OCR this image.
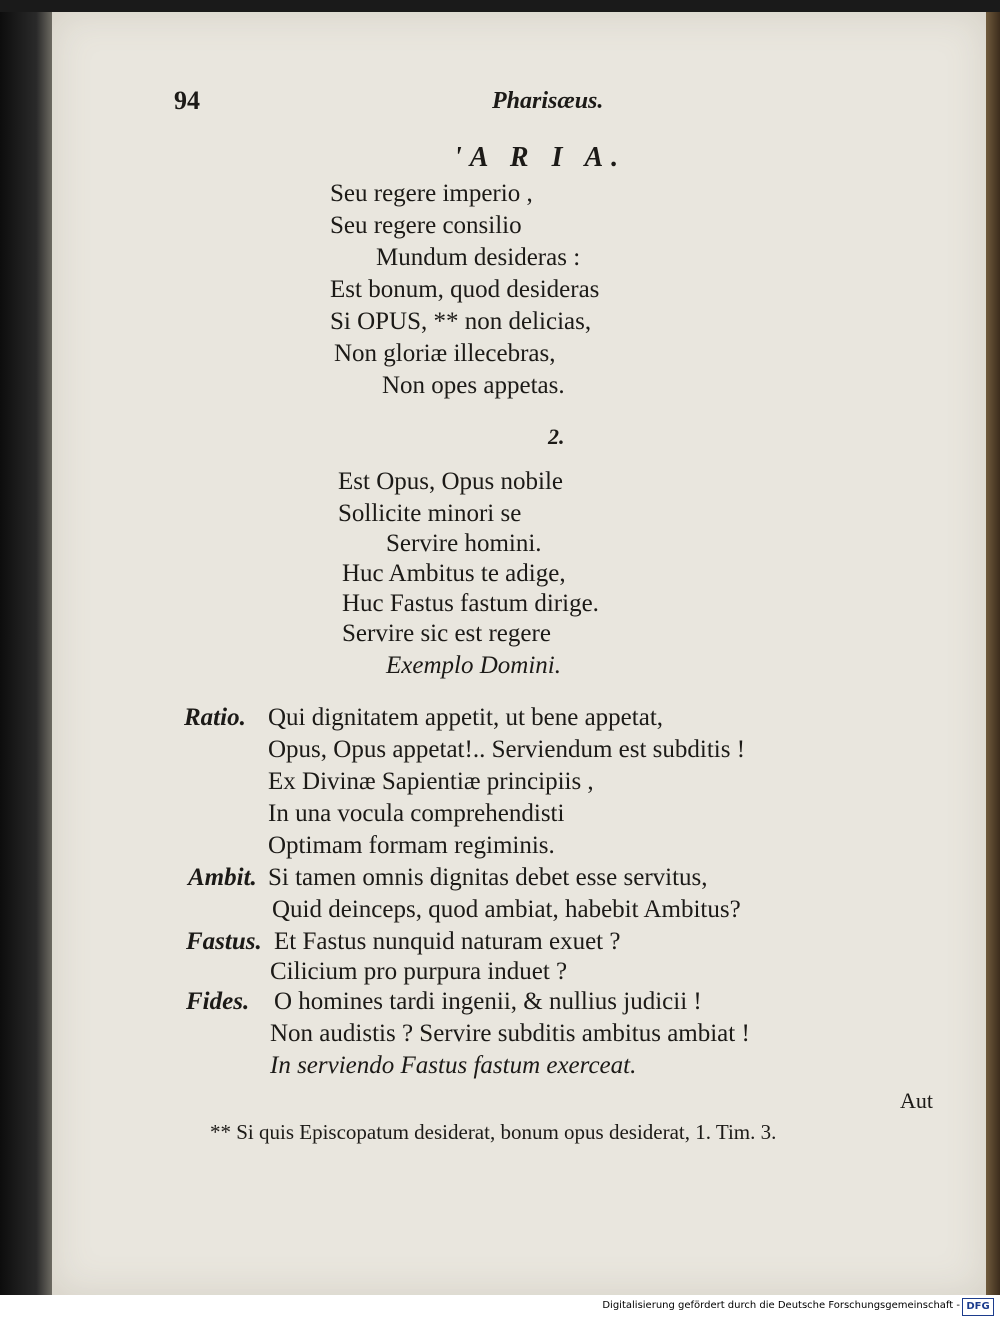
94	Pharisæus.
'A R I A.
Seu regere imperio ,
Seu regere consilio
Mundum desideras :
Est bonum, quod desideras
Si OPUS, ** non delicias,
Non gloriæ illecebras,
Non opes appetas.
2.
Est Opus, Opus nobile
Sollicite minori se
Servire homini.
Huc Ambitus te adige,
Huc Fastus fastum dirige.
Servire sic est regere
Exemplo Domini.
Ratio. Qui dignitatem appetit, ut bene appetat,
Opus, Opus appetat!.. Serviendum est subditis !
Ex Divinæ Sapientiæ principiis ,
In una vocula comprehendisti
Optimam formam regiminis.
Ambit. Si tamen omnis dignitas debet esse servitus,
Quid deinceps, quod ambiat, habebit Ambitus?
Fastus. Et Fastus nunquid naturam exuet ?
Cilicium pro purpura induet ?
Fides. O homines tardi ingenii, & nullius judicii !
Non audistis ? Servire subditis ambitus ambiat !
In serviendo Fastus fastum exerceat.
Aut
** Si quis Episcopatum desiderat, bonum opus desiderat, 1. Tim. 3.
Digitalisierung gefördert durch die Deutsche Forschungsgemeinschaft - DFG
